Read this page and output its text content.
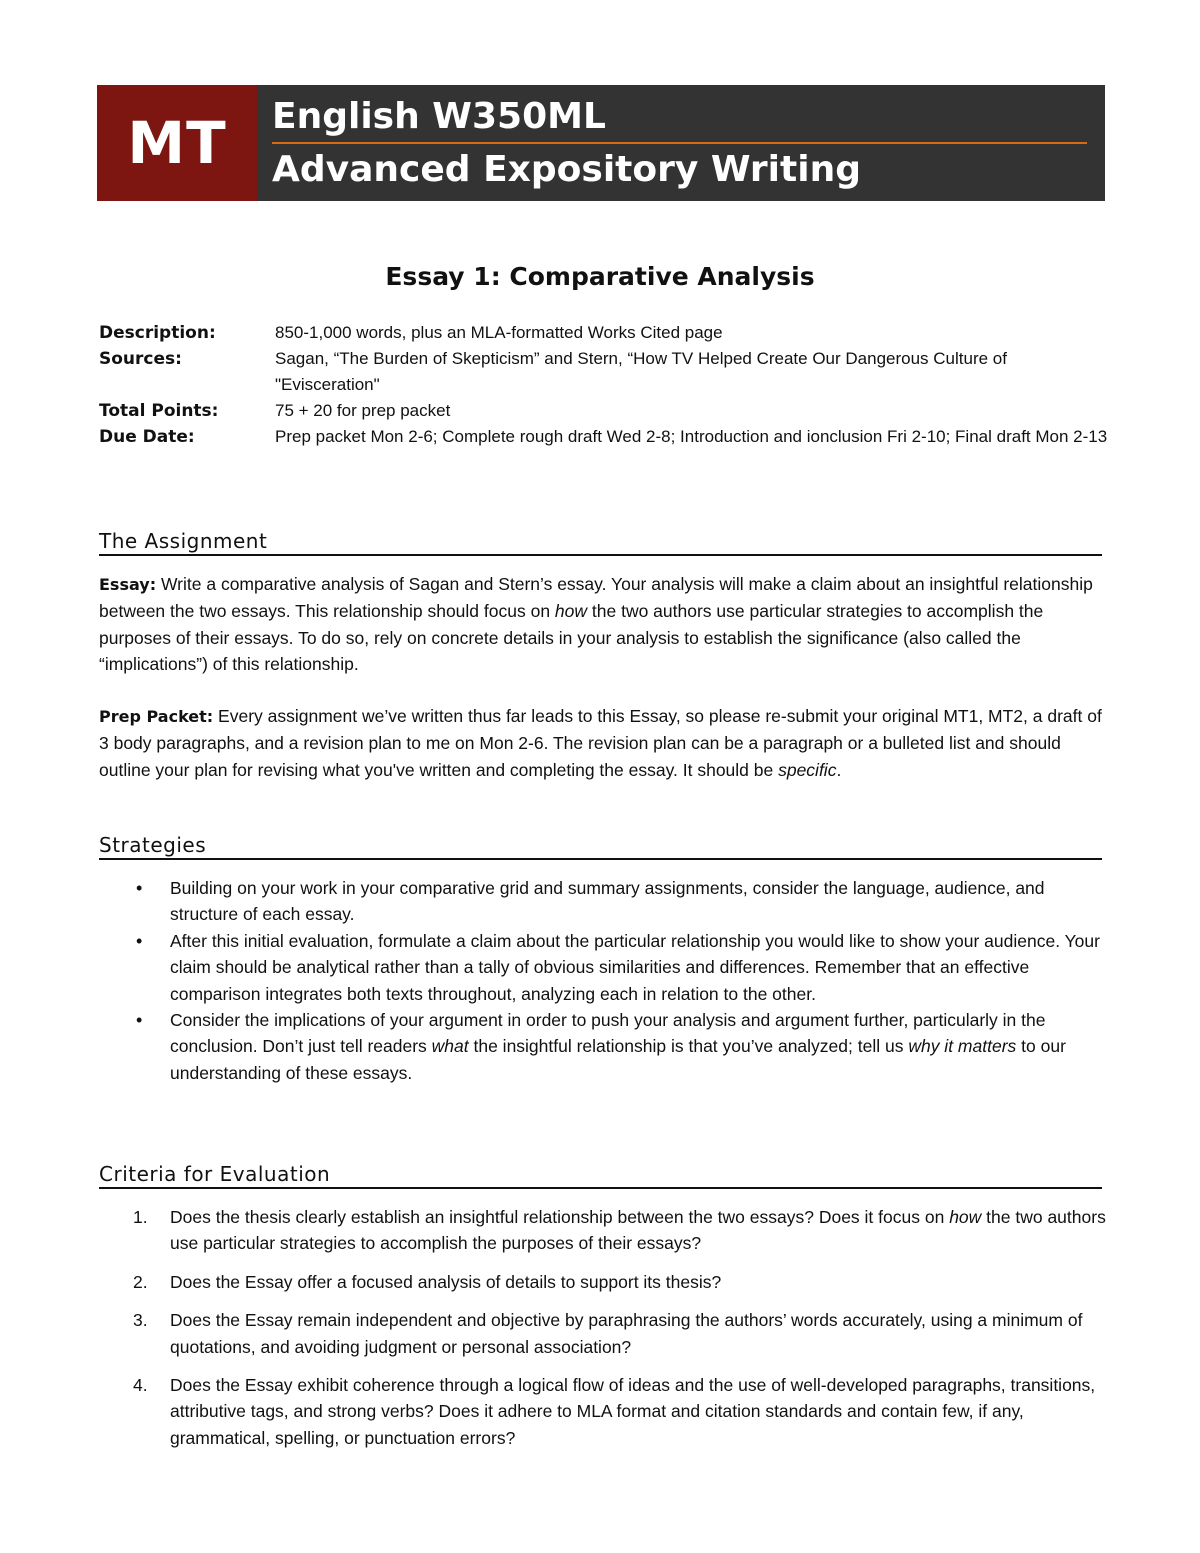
MT	English W350ML
Advanced Expository Writing
Essay 1: Comparative Analysis
Description:	850-1,000 words, plus an MLA-formatted Works Cited page
Sources:	Sagan, “The Burden of Skepticism” and Stern, “How TV Helped Create Our Dangerous Culture of "Evisceration"
Total Points:	75 + 20 for prep packet
Due Date:	Prep packet Mon 2-6; Complete rough draft Wed 2-8; Introduction and ionclusion Fri 2-10; Final draft Mon 2-13
The Assignment
Essay: Write a comparative analysis of Sagan and Stern’s essay. Your analysis will make a claim about an insightful relationship between the two essays. This relationship should focus on how the two authors use particular strategies to accomplish the purposes of their essays. To do so, rely on concrete details in your analysis to establish the significance (also called the “implications”) of this relationship.
Prep Packet: Every assignment we’ve written thus far leads to this Essay, so please re-submit your original MT1, MT2, a draft of 3 body paragraphs, and a revision plan to me on Mon 2-6. The revision plan can be a paragraph or a bulleted list and should outline your plan for revising what you've written and completing the essay. It should be specific.
Strategies
• Building on your work in your comparative grid and summary assignments, consider the language, audience, and structure of each essay.
• After this initial evaluation, formulate a claim about the particular relationship you would like to show your audience. Your claim should be analytical rather than a tally of obvious similarities and differences. Remember that an effective comparison integrates both texts throughout, analyzing each in relation to the other.
• Consider the implications of your argument in order to push your analysis and argument further, particularly in the conclusion. Don’t just tell readers what the insightful relationship is that you’ve analyzed; tell us why it matters to our understanding of these essays.
Criteria for Evaluation
1. Does the thesis clearly establish an insightful relationship between the two essays? Does it focus on how the two authors use particular strategies to accomplish the purposes of their essays?
2. Does the Essay offer a focused analysis of details to support its thesis?
3. Does the Essay remain independent and objective by paraphrasing the authors’ words accurately, using a minimum of quotations, and avoiding judgment or personal association?
4. Does the Essay exhibit coherence through a logical flow of ideas and the use of well-developed paragraphs, transitions, attributive tags, and strong verbs? Does it adhere to MLA format and citation standards and contain few, if any, grammatical, spelling, or punctuation errors?
